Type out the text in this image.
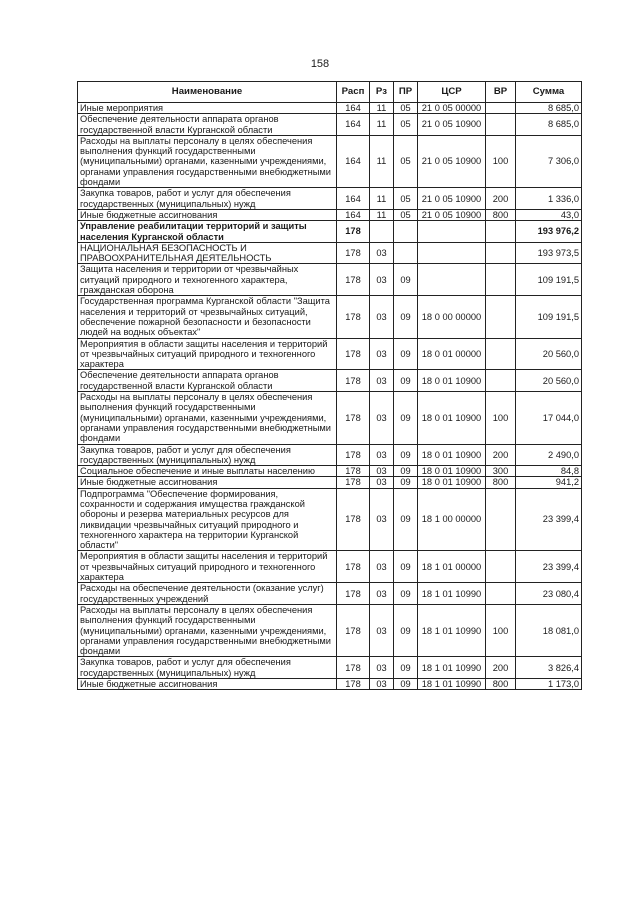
158
Наименование	Расп	Рз	ПР	ЦСР	ВР	Сумма
Иные мероприятия	164	11	05	21 0 05 00000		8 685,0
Обеспечение деятельности аппарата органов государственной власти Курганской области	164	11	05	21 0 05 10900		8 685,0
Расходы на выплаты персоналу в целях обеспечения выполнения функций государственными (муниципальными) органами, казенными учреждениями, органами управления государственными внебюджетными фондами	164	11	05	21 0 05 10900	100	7 306,0
Закупка товаров, работ и услуг для обеспечения государственных (муниципальных) нужд	164	11	05	21 0 05 10900	200	1 336,0
Иные бюджетные ассигнования	164	11	05	21 0 05 10900	800	43,0
Управление реабилитации территорий и защиты населения Курганской области	178					193 976,2
НАЦИОНАЛЬНАЯ БЕЗОПАСНОСТЬ И ПРАВООХРАНИТЕЛЬНАЯ ДЕЯТЕЛЬНОСТЬ	178	03				193 973,5
Защита населения и территории от чрезвычайных ситуаций природного и техногенного характера, гражданская оборона	178	03	09			109 191,5
Государственная программа Курганской области "Защита населения и территорий от чрезвычайных ситуаций, обеспечение пожарной безопасности и безопасности людей на водных объектах"	178	03	09	18 0 00 00000		109 191,5
Мероприятия в области защиты населения и территорий от чрезвычайных ситуаций природного и техногенного характера	178	03	09	18 0 01 00000		20 560,0
Обеспечение деятельности аппарата органов государственной власти Курганской области	178	03	09	18 0 01 10900		20 560,0
Расходы на выплаты персоналу в целях обеспечения выполнения функций государственными (муниципальными) органами, казенными учреждениями, органами управления государственными внебюджетными фондами	178	03	09	18 0 01 10900	100	17 044,0
Закупка товаров, работ и услуг для обеспечения государственных (муниципальных) нужд	178	03	09	18 0 01 10900	200	2 490,0
Социальное обеспечение и иные выплаты населению	178	03	09	18 0 01 10900	300	84,8
Иные бюджетные ассигнования	178	03	09	18 0 01 10900	800	941,2
Подпрограмма "Обеспечение формирования, сохранности и содержания имущества гражданской обороны и резерва материальных ресурсов для ликвидации чрезвычайных ситуаций природного и техногенного характера на территории Курганской области"	178	03	09	18 1 00 00000		23 399,4
Мероприятия в области защиты населения и территорий от чрезвычайных ситуаций природного и техногенного характера	178	03	09	18 1 01 00000		23 399,4
Расходы на обеспечение деятельности (оказание услуг) государственных учреждений	178	03	09	18 1 01 10990		23 080,4
Расходы на выплаты персоналу в целях обеспечения выполнения функций государственными (муниципальными) органами, казенными учреждениями, органами управления государственными внебюджетными фондами	178	03	09	18 1 01 10990	100	18 081,0
Закупка товаров, работ и услуг для обеспечения государственных (муниципальных) нужд	178	03	09	18 1 01 10990	200	3 826,4
Иные бюджетные ассигнования	178	03	09	18 1 01 10990	800	1 173,0
